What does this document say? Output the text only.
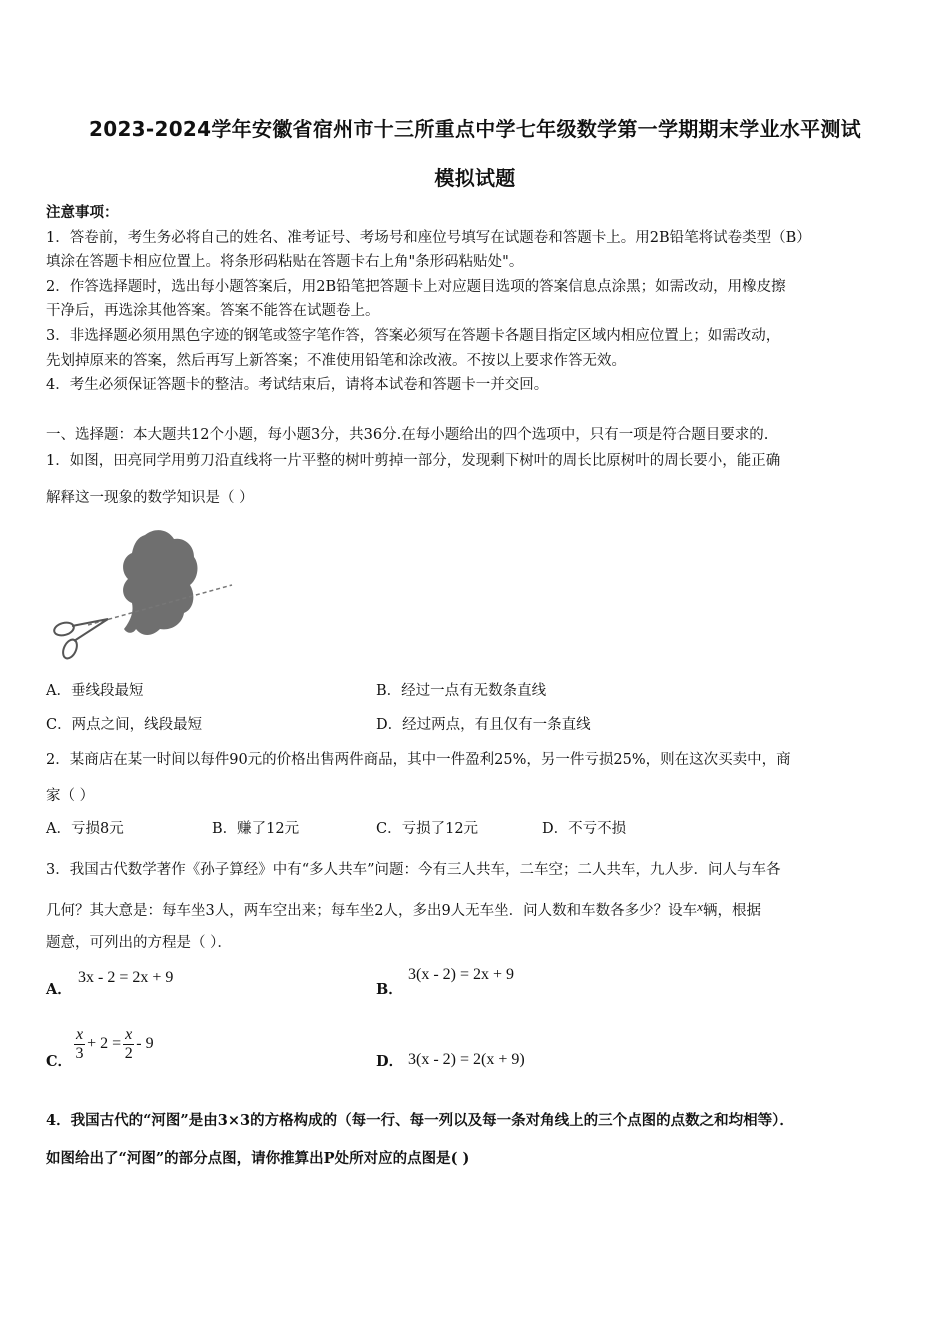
2023-2024学年安徽省宿州市十三所重点中学七年级数学第一学期期末学业水平测试
模拟试题
注意事项：
1．答卷前，考生务必将自己的姓名、准考证号、考场号和座位号填写在试题卷和答题卡上。用2B铅笔将试卷类型（B）
填涂在答题卡相应位置上。将条形码粘贴在答题卡右上角"条形码粘贴处"。
2．作答选择题时，选出每小题答案后，用2B铅笔把答题卡上对应题目选项的答案信息点涂黑；如需改动，用橡皮擦
干净后，再选涂其他答案。答案不能答在试题卷上。
3．非选择题必须用黑色字迹的钢笔或签字笔作答，答案必须写在答题卡各题目指定区域内相应位置上；如需改动，
先划掉原来的答案，然后再写上新答案；不准使用铅笔和涂改液。不按以上要求作答无效。
4．考生必须保证答题卡的整洁。考试结束后，请将本试卷和答题卡一并交回。
一、选择题：本大题共12个小题，每小题3分，共36分.在每小题给出的四个选项中，只有一项是符合题目要求的.
1．如图，田亮同学用剪刀沿直线将一片平整的树叶剪掉一部分，发现剩下树叶的周长比原树叶的周长要小，能正确
解释这一现象的数学知识是（ ）
A．垂线段最短	B．经过一点有无数条直线
C．两点之间，线段最短	D．经过两点，有且仅有一条直线
2．某商店在某一时间以每件90元的价格出售两件商品，其中一件盈利25%，另一件亏损25%，则在这次买卖中，商
家（ ）
A．亏损8元	B．赚了12元	C．亏损了12元	D．不亏不损
3．我国古代数学著作《孙子算经》中有“多人共车”问题：今有三人共车，二车空；二人共车，九人步．问人与车各
几何？其大意是：每车坐3人，两车空出来；每车坐2人，多出9人无车坐．问人数和车数各多少？设车x辆，根据
题意，可列出的方程是（ ）．
A．
3x - 2 = 2x + 9
B．
3(x - 2) = 2x + 9
C． $\frac{x}{3} + 2 = \frac{x}{2} - 9$
D． 3(x - 2) = 2(x + 9)
4．我国古代的“河图”是由3×3的方格构成的（每一行、每一列以及每一条对角线上的三个点图的点数之和均相等）．
如图给出了“河图”的部分点图，请你推算出P处所对应的点图是( )
